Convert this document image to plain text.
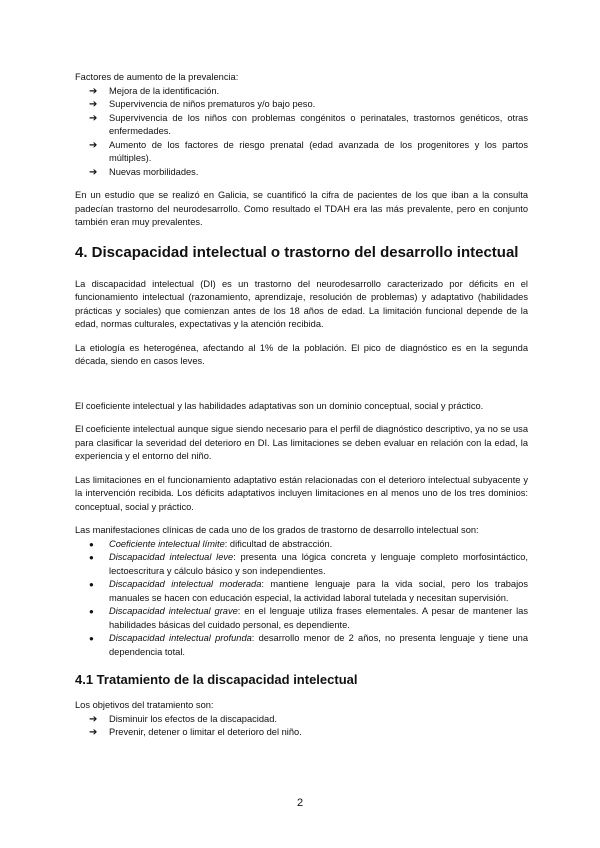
Factores de aumento de la prevalencia:

➔	Mejora de la identificación.
➔	Supervivencia de niños prematuros y/o bajo peso.
➔	Supervivencia de los niños con problemas congénitos o perinatales, trastornos genéticos, otras enfermedades.
➔	Aumento de los factores de riesgo prenatal (edad avanzada de los progenitores y los partos múltiples).
➔	Nuevas morbilidades.

En un estudio que se realizó en Galicia, se cuantificó la cifra de pacientes de los que iban a la consulta padecían trastorno del neurodesarrollo. Como resultado el TDAH era las más prevalente, pero en conjunto también eran muy prevalentes.

4. Discapacidad intelectual o trastorno del desarrollo intectual

La discapacidad intelectual (DI) es un trastorno del neurodesarrollo caracterizado por déficits en el funcionamiento intelectual (razonamiento, aprendizaje, resolución de problemas) y adaptativo (habilidades prácticas y sociales) que comienzan antes de los 18 años de edad. La limitación funcional depende de la edad, normas culturales, expectativas y la atención recibida.

La etiología es heterogénea, afectando al 1% de la población. El pico de diagnóstico es en la segunda década, siendo en casos leves.

El coeficiente intelectual y las habilidades adaptativas son un dominio conceptual, social y práctico.

El coeficiente intelectual aunque sigue siendo necesario para el perfil de diagnóstico descriptivo, ya no se usa para clasificar la severidad del deterioro en DI. Las limitaciones se deben evaluar en relación con la edad, la experiencia y el entorno del niño.

Las limitaciones en el funcionamiento adaptativo están relacionadas con el deterioro intelectual subyacente y la intervención recibida. Los déficits adaptativos incluyen limitaciones en al menos uno de los tres dominios: conceptual, social y práctico.

Las manifestaciones clínicas de cada uno de los grados de trastorno de desarrollo intelectual son:

●	Coeficiente intelectual límite: dificultad de abstracción.
●	Discapacidad intelectual leve: presenta una lógica concreta y lenguaje completo morfosintáctico, lectoescritura y cálculo básico y son independientes.
●	Discapacidad intelectual moderada: mantiene lenguaje para la vida social, pero los trabajos manuales se hacen con educación especial, la actividad laboral tutelada y necesitan supervisión.
●	Discapacidad intelectual grave: en el lenguaje utiliza frases elementales. A pesar de mantener las habilidades básicas del cuidado personal, es dependiente.
●	Discapacidad intelectual profunda: desarrollo menor de 2 años, no presenta lenguaje y tiene una dependencia total.
4.1 Tratamiento de la discapacidad intelectual

Los objetivos del tratamiento son:

➔	Disminuir los efectos de la discapacidad.
➔	Prevenir, detener o limitar el deterioro del niño.
2
